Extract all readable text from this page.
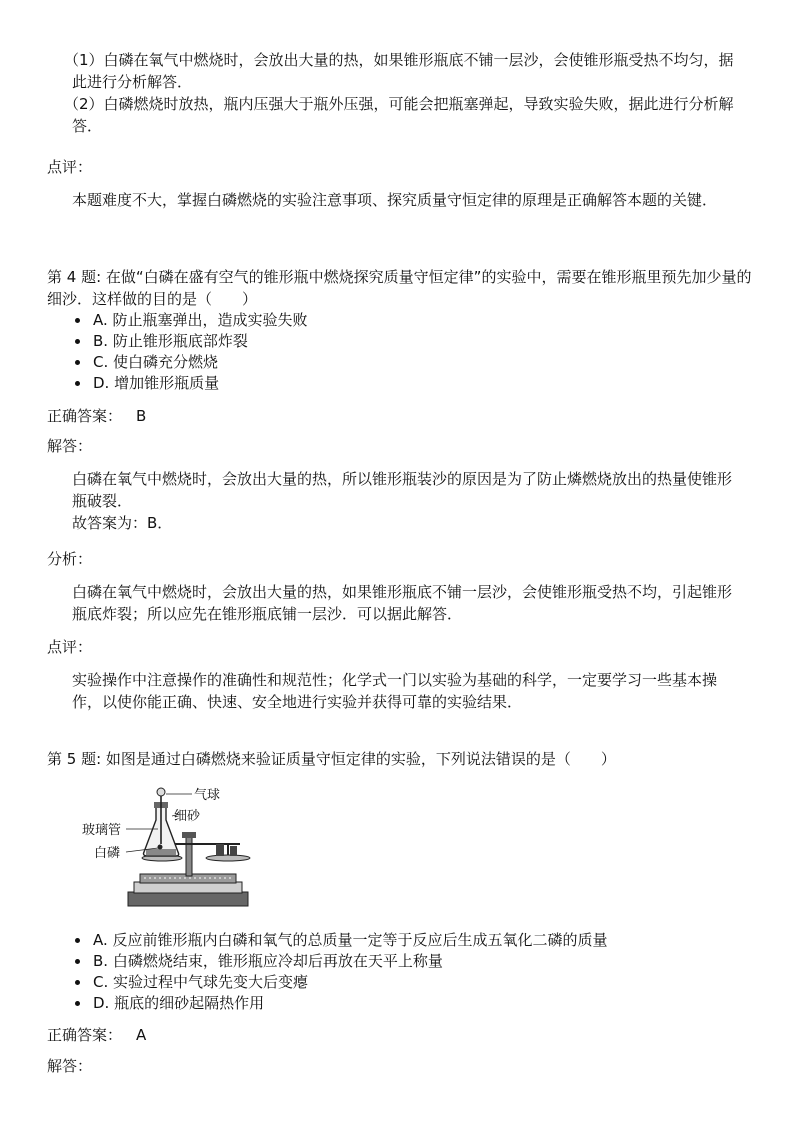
（1）白磷在氧气中燃烧时，会放出大量的热，如果锥形瓶底不铺一层沙，会使锥形瓶受热不均匀，据此进行分析解答．

（2）白磷燃烧时放热，瓶内压强大于瓶外压强，可能会把瓶塞弹起，导致实验失败，据此进行分析解答．

点评：

本题难度不大，掌握白磷燃烧的实验注意事项、探究质量守恒定律的原理是正确解答本题的关键．

第 4 题: 在做“白磷在盛有空气的锥形瓶中燃烧探究质量守恒定律”的实验中，需要在锥形瓶里预先加少量的细沙．这样做的目的是（　　）

A. 防止瓶塞弹出，造成实验失败
B. 防止锥形瓶底部炸裂
C. 使白磷充分燃烧
D. 增加锥形瓶质量

正确答案： B

解答：

白磷在氧气中燃烧时，会放出大量的热，所以锥形瓶装沙的原因是为了防止燐燃烧放出的热量使锥形瓶破裂．

故答案为：B．

分析：

白磷在氧气中燃烧时，会放出大量的热，如果锥形瓶底不铺一层沙，会使锥形瓶受热不均，引起锥形瓶底炸裂；所以应先在锥形瓶底铺一层沙．可以据此解答．

点评：

实验操作中注意操作的准确性和规范性；化学式一门以实验为基础的科学，一定要学习一些基本操作，以使你能正确、快速、安全地进行实验并获得可靠的实验结果．

第 5 题: 如图是通过白磷燃烧来验证质量守恒定律的实验，下列说法错误的是（　　）

气球
细砂
玻璃管
白磷
A. 反应前锥形瓶内白磷和氧气的总质量一定等于反应后生成五氧化二磷的质量
B. 白磷燃烧结束，锥形瓶应冷却后再放在天平上称量
C. 实验过程中气球先变大后变瘪
D. 瓶底的细砂起隔热作用

正确答案： A

解答：
